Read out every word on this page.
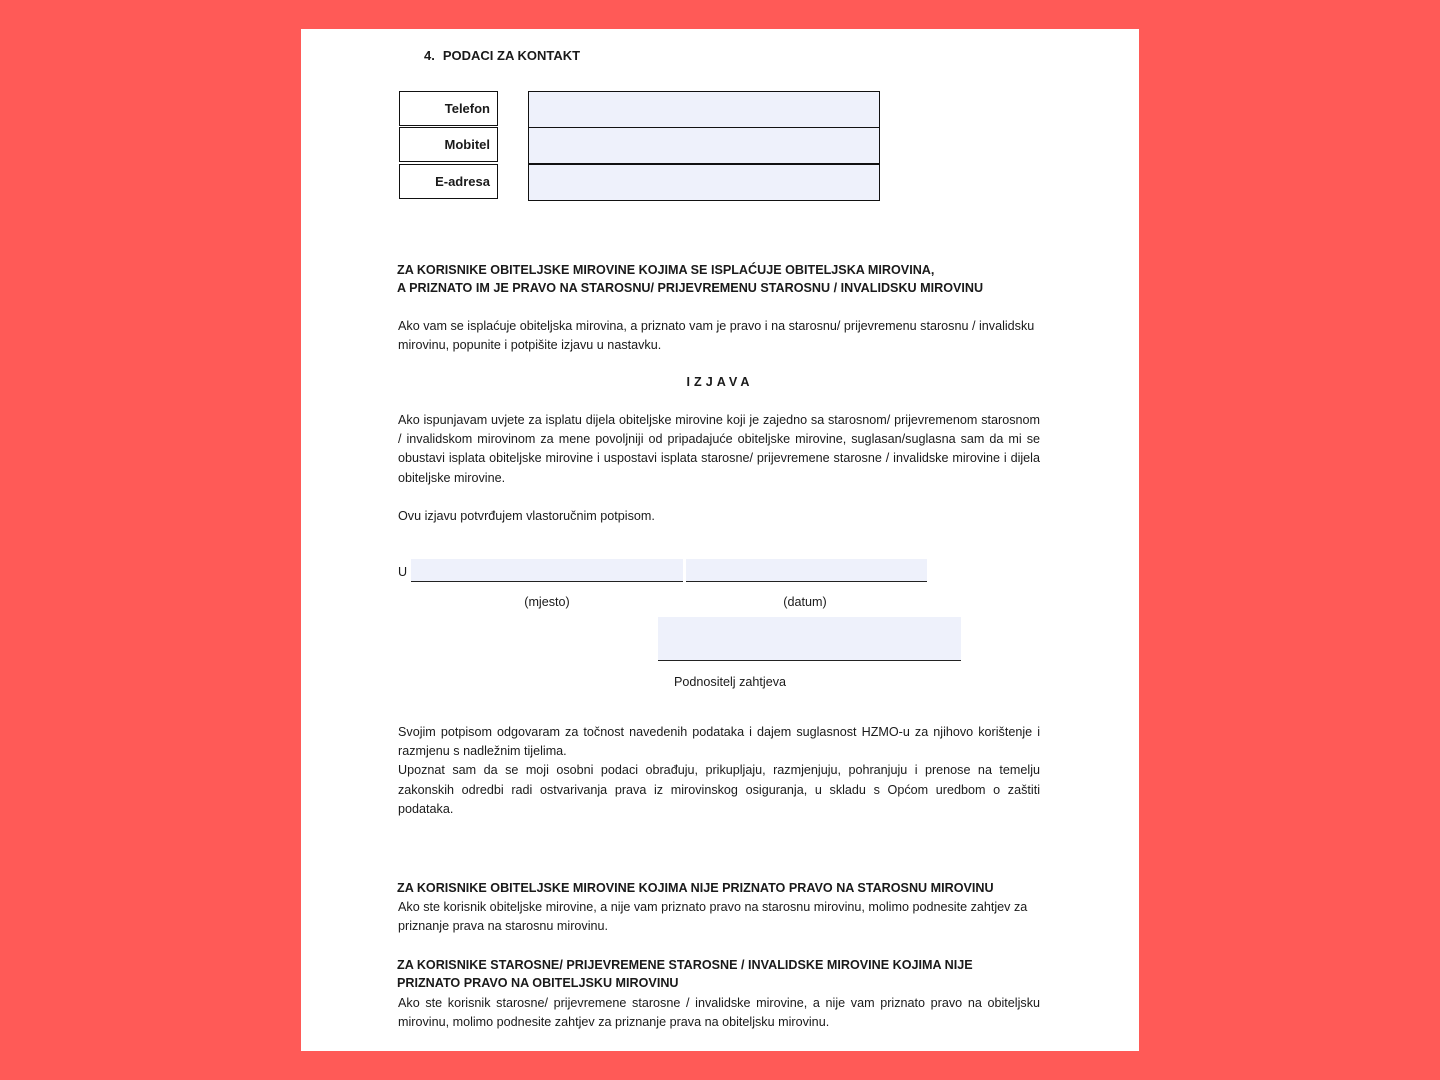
4. PODACI ZA KONTAKT
Telefon
Mobitel
E-adresa
ZA KORISNIKE OBITELJSKE MIROVINE KOJIMA SE ISPLAĆUJE OBITELJSKA MIROVINA,
A PRIZNATO IM JE PRAVO NA STAROSNU/ PRIJEVREMENU STAROSNU / INVALIDSKU MIROVINU
Ako vam se isplaćuje obiteljska mirovina, a priznato vam je pravo i na starosnu/ prijevremenu starosnu / invalidsku mirovinu, popunite i potpišite izjavu u nastavku.
IZJAVA
Ako ispunjavam uvjete za isplatu dijela obiteljske mirovine koji je zajedno sa starosnom/ prijevremenom starosnom / invalidskom mirovinom za mene povoljniji od pripadajuće obiteljske mirovine, suglasan/suglasna sam da mi se obustavi isplata obiteljske mirovine i uspostavi isplata starosne/ prijevremene starosne / invalidske mirovine i dijela obiteljske mirovine.
Ovu izjavu potvrđujem vlastoručnim potpisom.
U
(mjesto)	(datum)
Podnositelj zahtjeva
Svojim potpisom odgovaram za točnost navedenih podataka i dajem suglasnost HZMO-u za njihovo korištenje i razmjenu s nadležnim tijelima.
Upoznat sam da se moji osobni podaci obrađuju, prikupljaju, razmjenjuju, pohranjuju i prenose na temelju zakonskih odredbi radi ostvarivanja prava iz mirovinskog osiguranja, u skladu s Općom uredbom o zaštiti podataka.
ZA KORISNIKE OBITELJSKE MIROVINE KOJIMA NIJE PRIZNATO PRAVO NA STAROSNU MIROVINU
Ako ste korisnik obiteljske mirovine, a nije vam priznato pravo na starosnu mirovinu, molimo podnesite zahtjev za priznanje prava na starosnu mirovinu.
ZA KORISNIKE STAROSNE/ PRIJEVREMENE STAROSNE / INVALIDSKE MIROVINE KOJIMA NIJE
PRIZNATO PRAVO NA OBITELJSKU MIROVINU
Ako ste korisnik starosne/ prijevremene starosne / invalidske mirovine, a nije vam priznato pravo na obiteljsku mirovinu, molimo podnesite zahtjev za priznanje prava na obiteljsku mirovinu.
